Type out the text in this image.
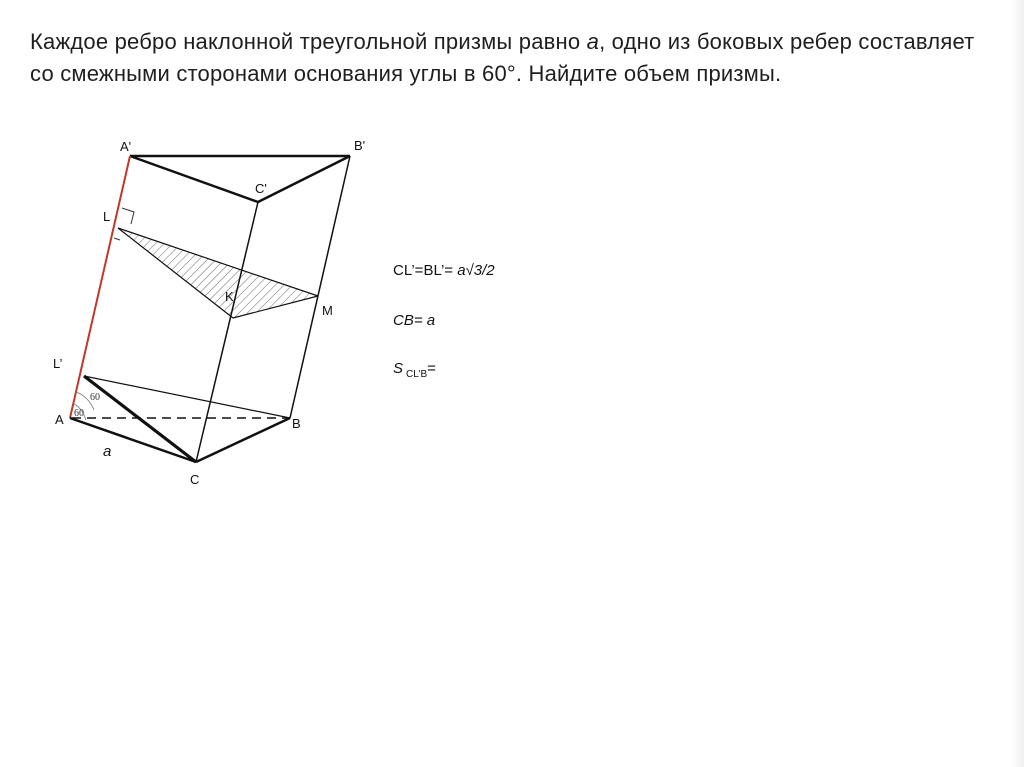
Каждое ребро наклонной треугольной призмы равно a, одно из боковых ребер составляет со смежными сторонами основания углы в 60°. Найдите объем призмы.
A'	B'
C'
L
K
M
L’
A	B
C
60
60
a
CL’=BL’= a√3/2
CB= a
S $_{CL’B}$=
